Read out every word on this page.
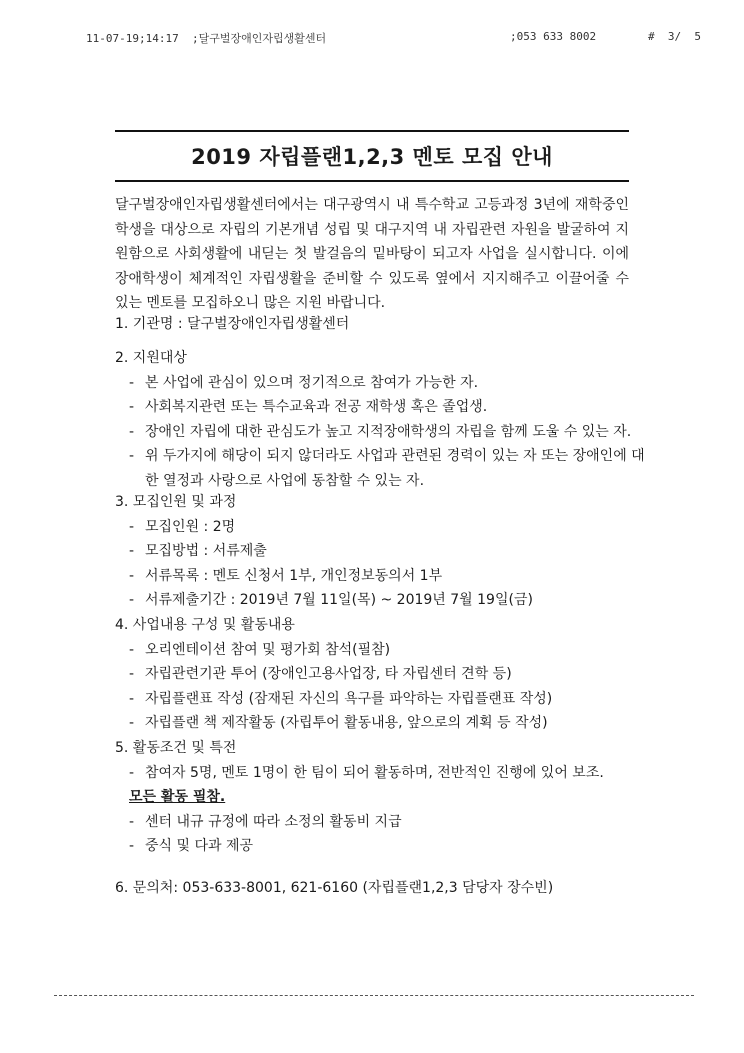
11-07-19;14:17  ;달구벌장애인자립생활센터	;053 633 8002	#  3/  5
2019 자립플랜1,2,3 멘토 모집 안내

달구벌장애인자립생활센터에서는 대구광역시 내 특수학교 고등과정 3년에 재학중인 학생을 대상으로 자립의 기본개념 성립 및 대구지역 내 자립관련 자원을 발굴하여 지원함으로 사회생활에 내딛는 첫 발걸음의 밑바탕이 되고자 사업을 실시합니다. 이에 장애학생이 체계적인 자립생활을 준비할 수 있도록 옆에서 지지해주고 이끌어줄 수 있는 멘토를 모집하오니 많은 지원 바랍니다.

1. 기관명 : 달구벌장애인자립생활센터

2. 지원대상

- 본 사업에 관심이 있으며 정기적으로 참여가 가능한 자.
- 사회복지관련 또는 특수교육과 전공 재학생 혹은 졸업생.
- 장애인 자립에 대한 관심도가 높고 지적장애학생의 자립을 함께 도울 수 있는 자.
- 위 두가지에 해당이 되지 않더라도 사업과 관련된 경력이 있는 자 또는 장애인에 대한 열정과 사랑으로 사업에 동참할 수 있는 자.

3. 모집인원 및 과정

- 모집인원 : 2명
- 모집방법 : 서류제출
- 서류목록 : 멘토 신청서 1부, 개인정보동의서 1부
- 서류제출기간 : 2019년 7월 11일(목) ~ 2019년 7월 19일(금)

4. 사업내용 구성 및 활동내용

- 오리엔테이션 참여 및 평가회 참석(필참)
- 자립관련기관 투어 (장애인고용사업장, 타 자립센터 견학 등)
- 자립플랜표 작성 (잠재된 자신의 욕구를 파악하는 자립플랜표 작성)
- 자립플랜 책 제작활동 (자립투어 활동내용, 앞으로의 계획 등 작성)

5. 활동조건 및 특전

- 참여자 5명, 멘토 1명이 한 팀이 되어 활동하며, 전반적인 진행에 있어 보조.

모든 활동 필참.

- 센터 내규 규정에 따라 소정의 활동비 지급
- 중식 및 다과 제공

6. 문의처: 053-633-8001, 621-6160 (자립플랜1,2,3 담당자 장수빈)
